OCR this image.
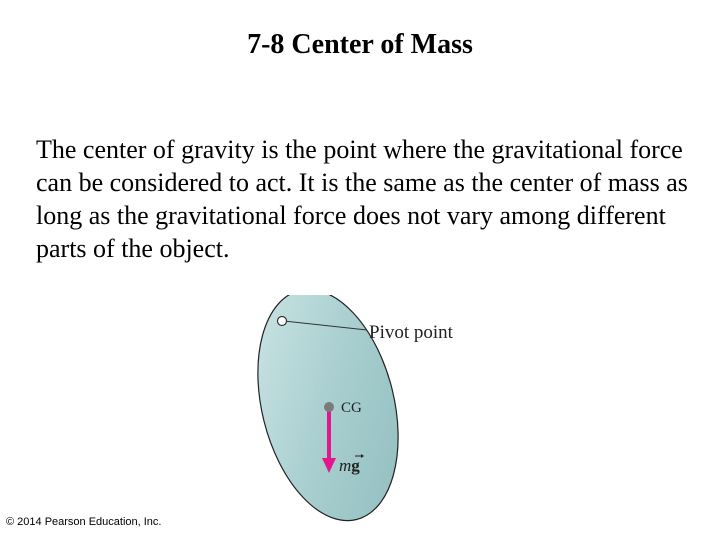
7-8 Center of Mass

The center of gravity is the point where the gravitational force can be considered to act. It is the same as the center of mass as long as the gravitational force does not vary among different parts of the object.

Pivot point
CG
mg

© 2014 Pearson Education, Inc.
